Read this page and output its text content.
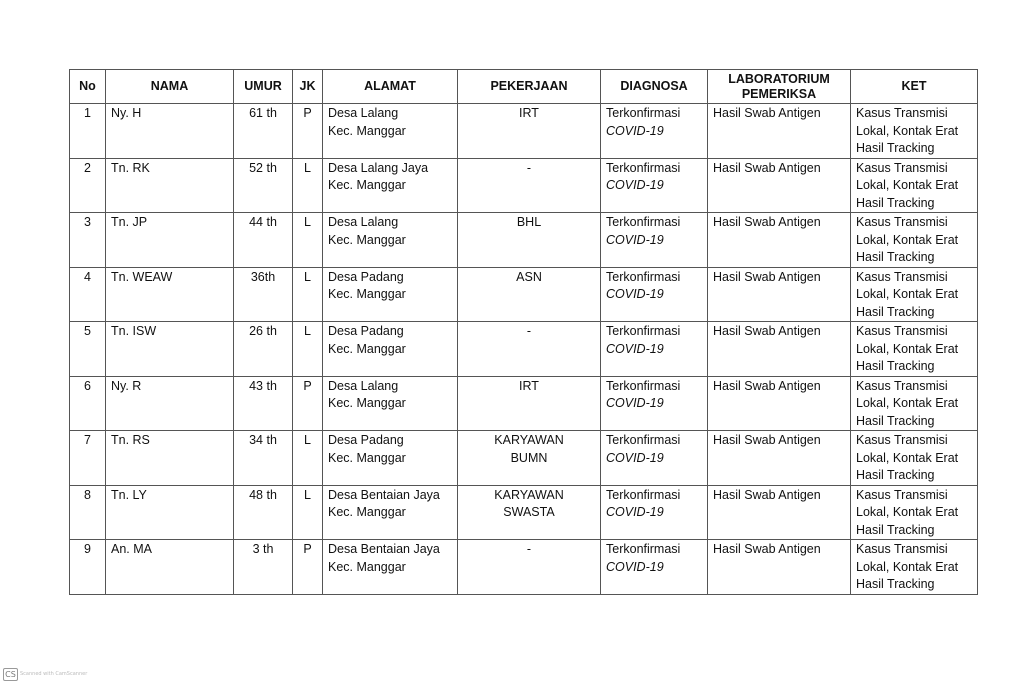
No	NAMA	UMUR	JK	ALAMAT	PEKERJAAN	DIAGNOSA	LABORATORIUM PEMERIKSA	KET
1	Ny. H	61 th	P	Desa Lalang
Kec. Manggar	IRT	Terkonfirmasi
COVID-19	Hasil Swab Antigen	Kasus Transmisi
Lokal, Kontak Erat
Hasil Tracking

2	Tn. RK	52 th	L	Desa Lalang Jaya
Kec. Manggar	-	Terkonfirmasi
COVID-19	Hasil Swab Antigen	Kasus Transmisi
Lokal, Kontak Erat
Hasil Tracking

3	Tn. JP	44 th	L	Desa Lalang
Kec. Manggar	BHL	Terkonfirmasi
COVID-19	Hasil Swab Antigen	Kasus Transmisi
Lokal, Kontak Erat
Hasil Tracking

4	Tn. WEAW	36th	L	Desa Padang
Kec. Manggar	ASN	Terkonfirmasi
COVID-19	Hasil Swab Antigen	Kasus Transmisi
Lokal, Kontak Erat
Hasil Tracking

5	Tn. ISW	26 th	L	Desa Padang
Kec. Manggar	-	Terkonfirmasi
COVID-19	Hasil Swab Antigen	Kasus Transmisi
Lokal, Kontak Erat
Hasil Tracking

6	Ny. R	43 th	P	Desa Lalang
Kec. Manggar	IRT	Terkonfirmasi
COVID-19	Hasil Swab Antigen	Kasus Transmisi
Lokal, Kontak Erat
Hasil Tracking

7	Tn. RS	34 th	L	Desa Padang
Kec. Manggar	KARYAWAN
BUMN	Terkonfirmasi
COVID-19	Hasil Swab Antigen	Kasus Transmisi
Lokal, Kontak Erat
Hasil Tracking

8	Tn. LY	48 th	L	Desa Bentaian Jaya
Kec. Manggar	KARYAWAN
SWASTA	Terkonfirmasi
COVID-19	Hasil Swab Antigen	Kasus Transmisi
Lokal, Kontak Erat
Hasil Tracking

9	An. MA	3 th	P	Desa Bentaian Jaya
Kec. Manggar	-	Terkonfirmasi
COVID-19	Hasil Swab Antigen	Kasus Transmisi
Lokal, Kontak Erat
Hasil Tracking
CS Scanned with CamScanner
